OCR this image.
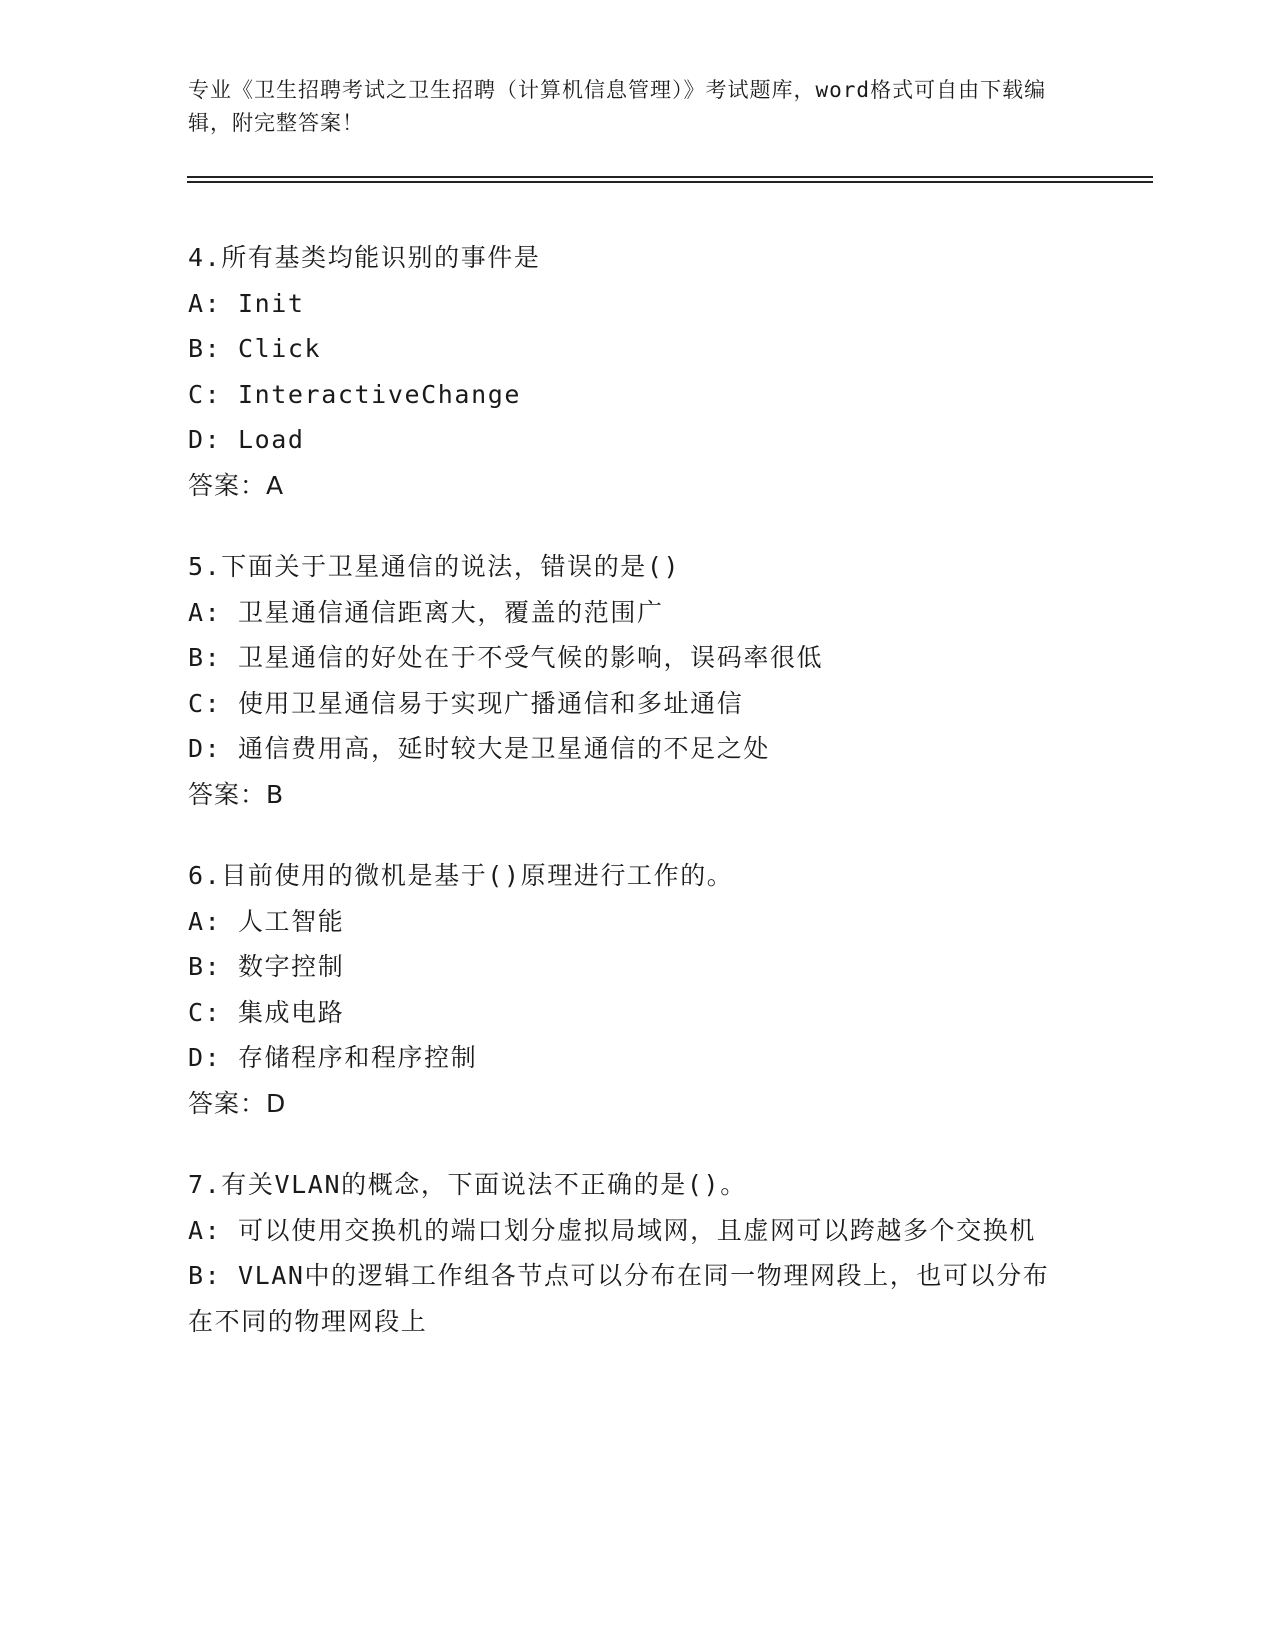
专业《卫生招聘考试之卫生招聘（计算机信息管理）》考试题库，word格式可自由下载编辑，附完整答案！
4.所有基类均能识别的事件是
A: Init
B: Click
C: InteractiveChange
D: Load
答案：A
5.下面关于卫星通信的说法，错误的是()
A: 卫星通信通信距离大，覆盖的范围广
B: 卫星通信的好处在于不受气候的影响，误码率很低
C: 使用卫星通信易于实现广播通信和多址通信
D: 通信费用高，延时较大是卫星通信的不足之处
答案：B
6.目前使用的微机是基于()原理进行工作的。
A: 人工智能
B: 数字控制
C: 集成电路
D: 存储程序和程序控制
答案：D
7.有关VLAN的概念，下面说法不正确的是()。
A: 可以使用交换机的端口划分虚拟局域网，且虚网可以跨越多个交换机
B: VLAN中的逻辑工作组各节点可以分布在同一物理网段上，也可以分布在不同的物理网段上
